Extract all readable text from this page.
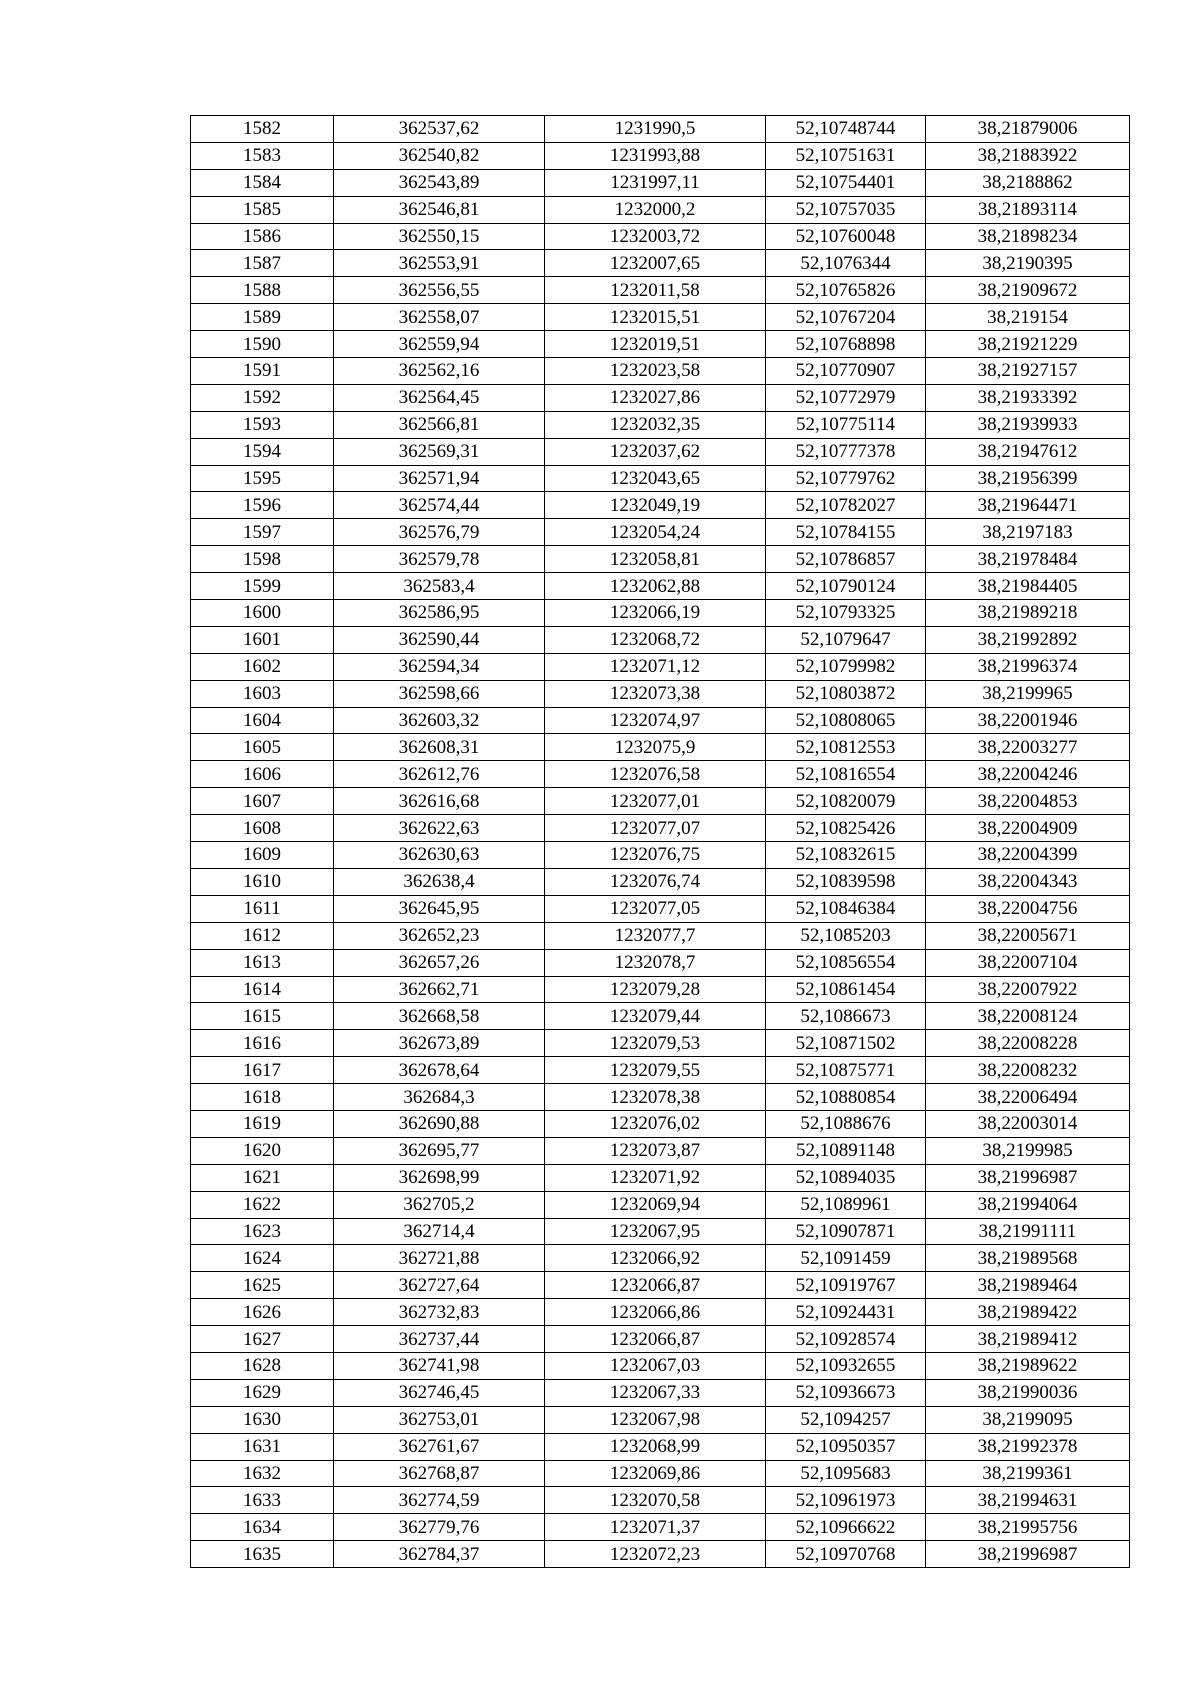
1582	362537,62	1231990,5	52,10748744	38,21879006
1583	362540,82	1231993,88	52,10751631	38,21883922
1584	362543,89	1231997,11	52,10754401	38,2188862
1585	362546,81	1232000,2	52,10757035	38,21893114
1586	362550,15	1232003,72	52,10760048	38,21898234
1587	362553,91	1232007,65	52,1076344	38,2190395
1588	362556,55	1232011,58	52,10765826	38,21909672
1589	362558,07	1232015,51	52,10767204	38,219154
1590	362559,94	1232019,51	52,10768898	38,21921229
1591	362562,16	1232023,58	52,10770907	38,21927157
1592	362564,45	1232027,86	52,10772979	38,21933392
1593	362566,81	1232032,35	52,10775114	38,21939933
1594	362569,31	1232037,62	52,10777378	38,21947612
1595	362571,94	1232043,65	52,10779762	38,21956399
1596	362574,44	1232049,19	52,10782027	38,21964471
1597	362576,79	1232054,24	52,10784155	38,2197183
1598	362579,78	1232058,81	52,10786857	38,21978484
1599	362583,4	1232062,88	52,10790124	38,21984405
1600	362586,95	1232066,19	52,10793325	38,21989218
1601	362590,44	1232068,72	52,1079647	38,21992892
1602	362594,34	1232071,12	52,10799982	38,21996374
1603	362598,66	1232073,38	52,10803872	38,2199965
1604	362603,32	1232074,97	52,10808065	38,22001946
1605	362608,31	1232075,9	52,10812553	38,22003277
1606	362612,76	1232076,58	52,10816554	38,22004246
1607	362616,68	1232077,01	52,10820079	38,22004853
1608	362622,63	1232077,07	52,10825426	38,22004909
1609	362630,63	1232076,75	52,10832615	38,22004399
1610	362638,4	1232076,74	52,10839598	38,22004343
1611	362645,95	1232077,05	52,10846384	38,22004756
1612	362652,23	1232077,7	52,1085203	38,22005671
1613	362657,26	1232078,7	52,10856554	38,22007104
1614	362662,71	1232079,28	52,10861454	38,22007922
1615	362668,58	1232079,44	52,1086673	38,22008124
1616	362673,89	1232079,53	52,10871502	38,22008228
1617	362678,64	1232079,55	52,10875771	38,22008232
1618	362684,3	1232078,38	52,10880854	38,22006494
1619	362690,88	1232076,02	52,1088676	38,22003014
1620	362695,77	1232073,87	52,10891148	38,2199985
1621	362698,99	1232071,92	52,10894035	38,21996987
1622	362705,2	1232069,94	52,1089961	38,21994064
1623	362714,4	1232067,95	52,10907871	38,21991111
1624	362721,88	1232066,92	52,1091459	38,21989568
1625	362727,64	1232066,87	52,10919767	38,21989464
1626	362732,83	1232066,86	52,10924431	38,21989422
1627	362737,44	1232066,87	52,10928574	38,21989412
1628	362741,98	1232067,03	52,10932655	38,21989622
1629	362746,45	1232067,33	52,10936673	38,21990036
1630	362753,01	1232067,98	52,1094257	38,2199095
1631	362761,67	1232068,99	52,10950357	38,21992378
1632	362768,87	1232069,86	52,1095683	38,2199361
1633	362774,59	1232070,58	52,10961973	38,21994631
1634	362779,76	1232071,37	52,10966622	38,21995756
1635	362784,37	1232072,23	52,10970768	38,21996987
